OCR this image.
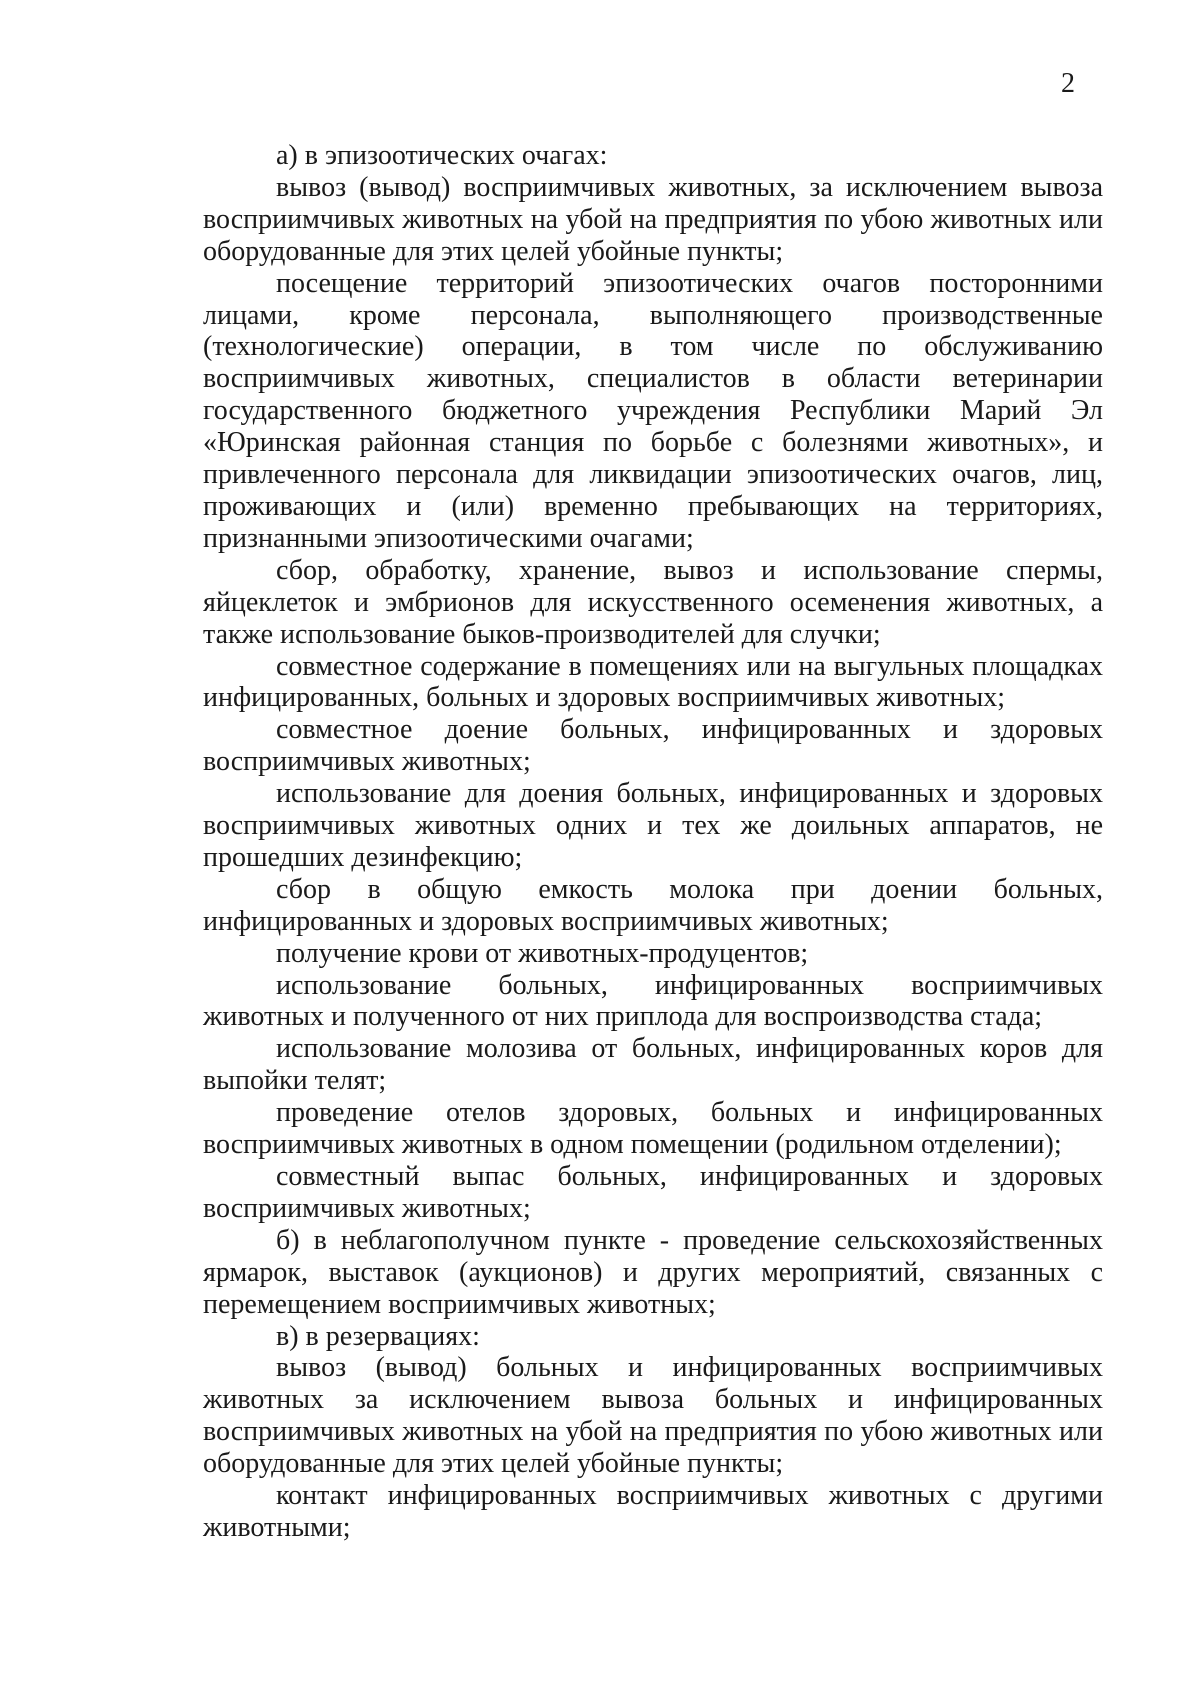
2

а) в эпизоотических очагах:

вывоз (вывод) восприимчивых животных, за исключением вывоза восприимчивых животных на убой на предприятия по убою животных или оборудованные для этих целей убойные пункты;

посещение территорий эпизоотических очагов посторонними лицами, кроме персонала, выполняющего производственные (технологические) операции, в том числе по обслуживанию восприимчивых животных, специалистов в области ветеринарии государственного бюджетного учреждения Республики Марий Эл «Юринская районная станция по борьбе с болезнями животных», и привлеченного персонала для ликвидации эпизоотических очагов, лиц, проживающих и (или) временно пребывающих на территориях, признанными эпизоотическими очагами;

сбор, обработку, хранение, вывоз и использование спермы, яйцеклеток и эмбрионов для искусственного осеменения животных, а также использование быков-производителей для случки;

совместное содержание в помещениях или на выгульных площадках инфицированных, больных и здоровых восприимчивых животных;

совместное доение больных, инфицированных и здоровых восприимчивых животных;

использование для доения больных, инфицированных и здоровых восприимчивых животных одних и тех же доильных аппаратов, не прошедших дезинфекцию;

сбор в общую емкость молока при доении больных, инфицированных и здоровых восприимчивых животных;

получение крови от животных-продуцентов;

использование больных, инфицированных восприимчивых животных и полученного от них приплода для воспроизводства стада;

использование молозива от больных, инфицированных коров для выпойки телят;

проведение отелов здоровых, больных и инфицированных восприимчивых животных в одном помещении (родильном отделении);

совместный выпас больных, инфицированных и здоровых восприимчивых животных;

б) в неблагополучном пункте - проведение сельскохозяйственных ярмарок, выставок (аукционов) и других мероприятий, связанных с перемещением восприимчивых животных;

в) в резервациях:

вывоз (вывод) больных и инфицированных восприимчивых животных за исключением вывоза больных и инфицированных восприимчивых животных на убой на предприятия по убою животных или оборудованные для этих целей убойные пункты;

контакт инфицированных восприимчивых животных с другими животными;
